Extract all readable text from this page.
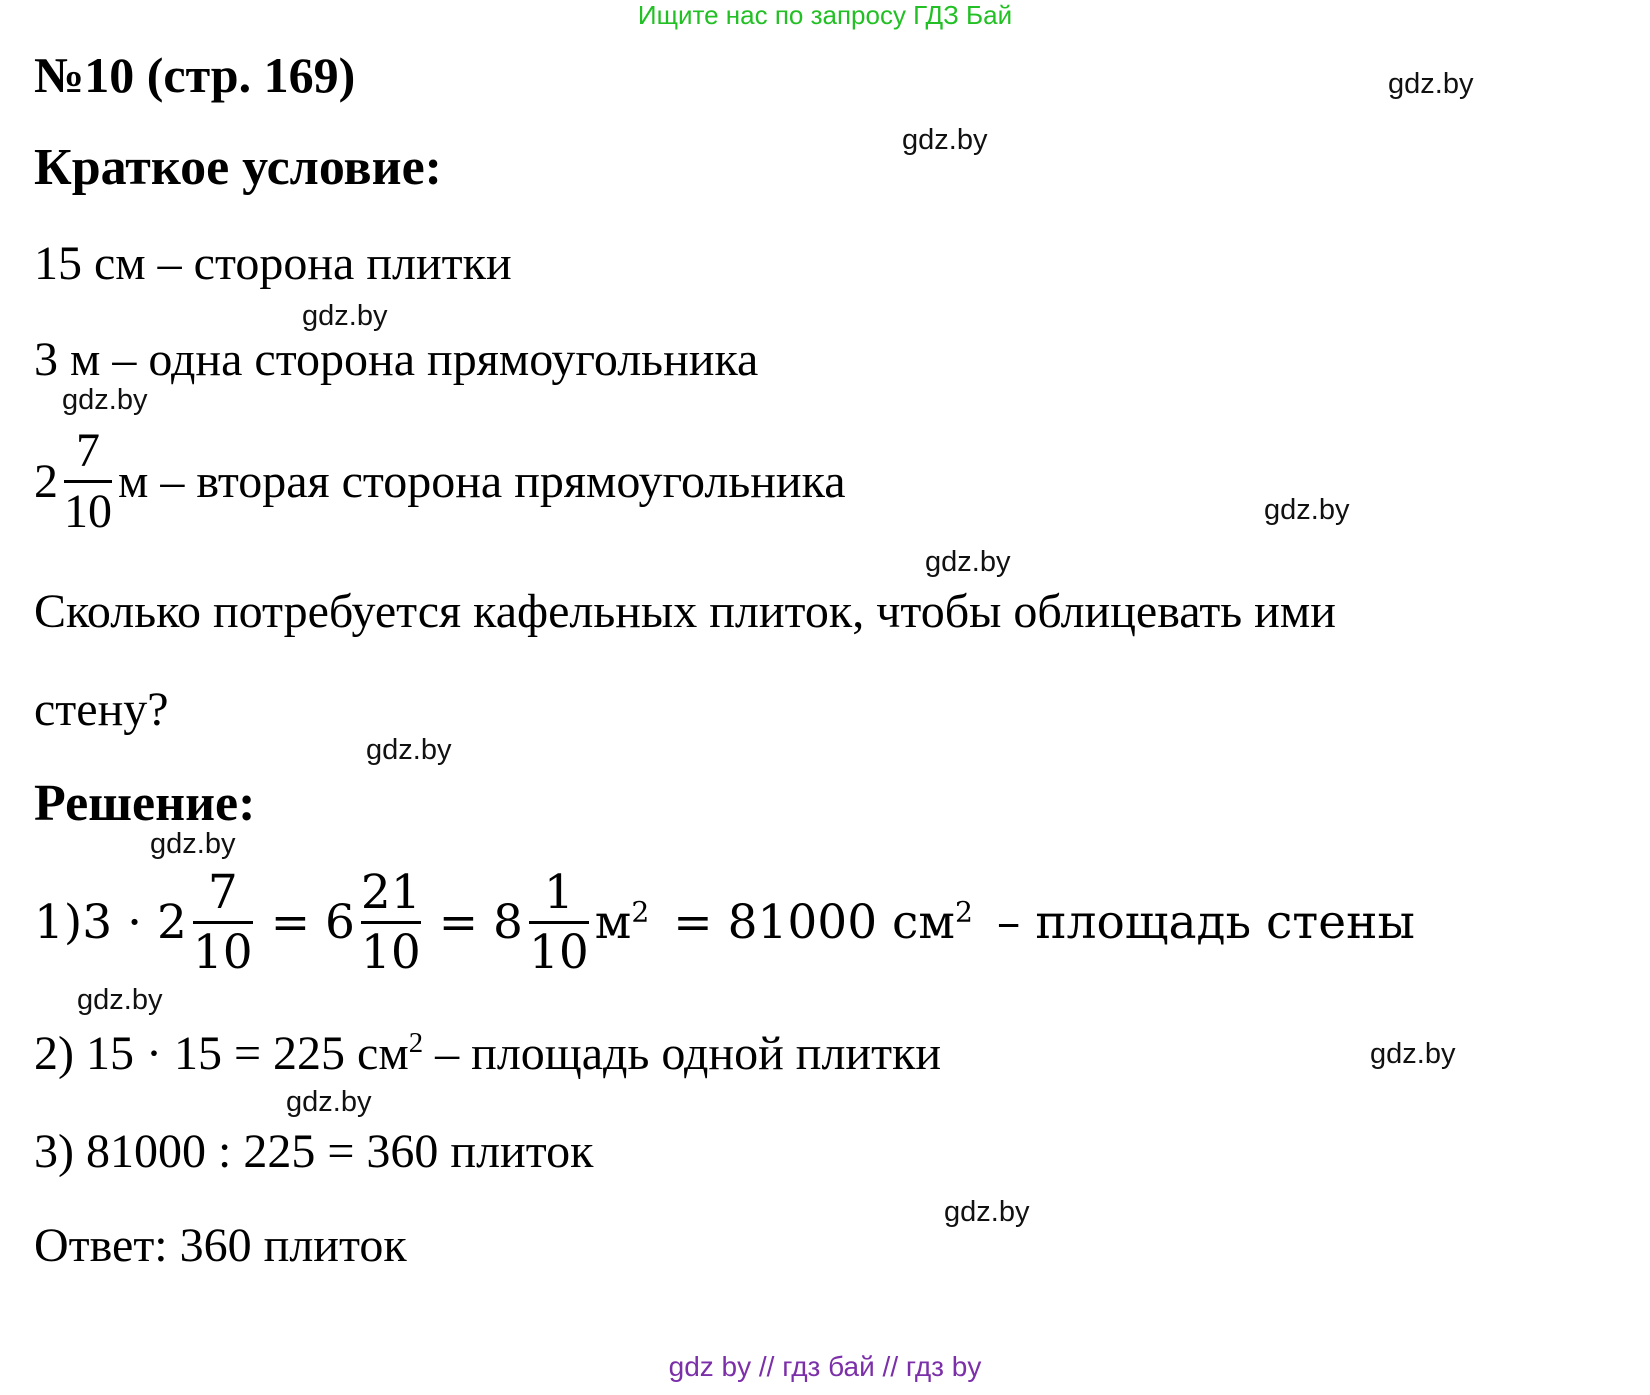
Ищите нас по запросу ГДЗ Бай
№10 (стр. 169)
Краткое условие:
15 см – сторона плитки
3 м – одна сторона прямоугольника
$2 \frac{7}{10}$ м – вторая сторона прямоугольника
Сколько потребуется кафельных плиток, чтобы облицевать ими
стену?
Решение:
$1)3 \cdot 2 \frac{7}{10} = 6 \frac{21}{10} = 8 \frac{1}{10} м^2 = 81000$ $см^2$ – площадь стены
2) 15 · 15 = 225 $см^2$ – площадь одной плитки
3) 81000 : 225 = 360 плиток
Ответ: 360 плиток
gdz.by
gdz.by
gdz.by
gdz.by
gdz.by
gdz.by
gdz.by
gdz.by
gdz.by
gdz.by
gdz.by
gdz.by
gdz by // гдз бай // гдз by
